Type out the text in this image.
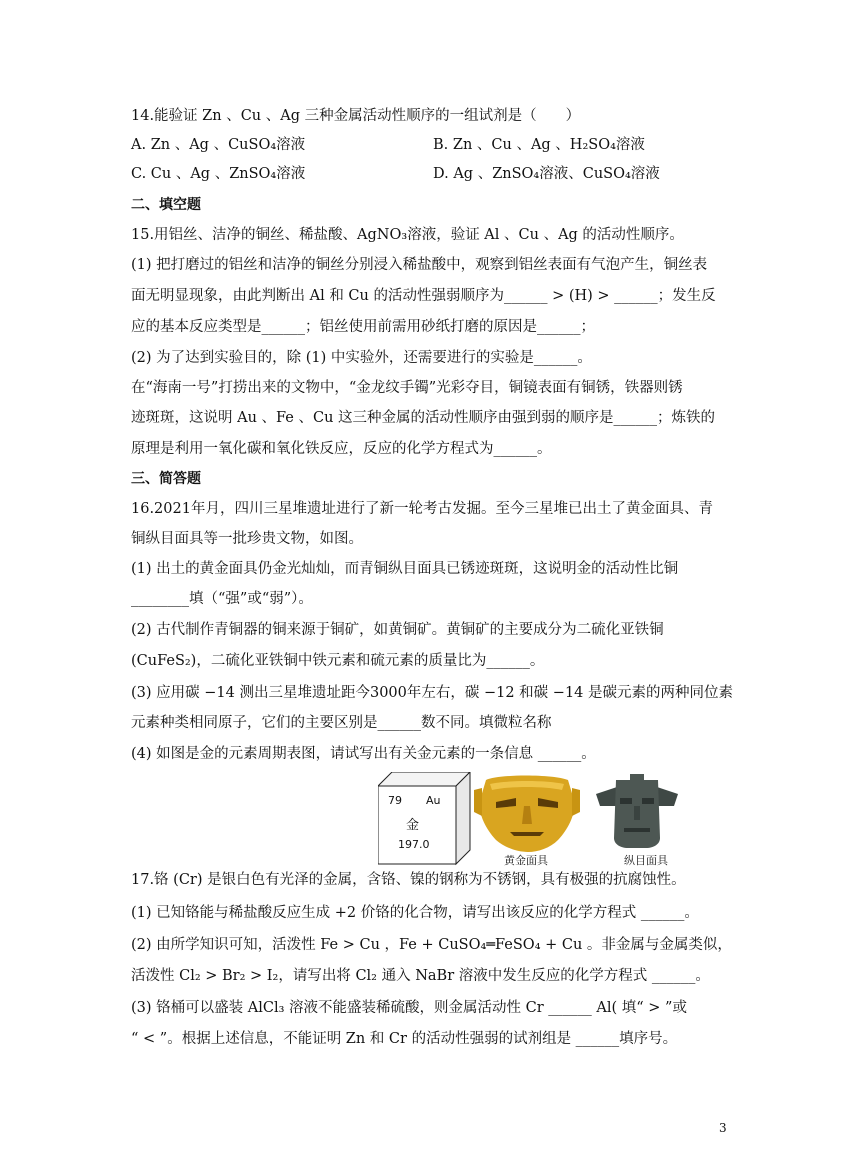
14.能验证 Zn 、Cu 、Ag 三种金属活动性顺序的一组试剂是（　　）
A. Zn 、Ag 、CuSO₄溶液	B. Zn 、Cu 、Ag 、H₂SO₄溶液
C. Cu 、Ag 、ZnSO₄溶液	D. Ag 、ZnSO₄溶液、CuSO₄溶液
二、填空题
15.用铝丝、洁净的铜丝、稀盐酸、AgNO₃溶液，验证 Al 、Cu 、Ag 的活动性顺序。
(1) 把打磨过的铝丝和洁净的铜丝分别浸入稀盐酸中，观察到铝丝表面有气泡产生，铜丝表
面无明显现象，由此判断出 Al 和 Cu 的活动性强弱顺序为______ > (H) > ______；发生反
应的基本反应类型是______；铝丝使用前需用砂纸打磨的原因是______；
(2) 为了达到实验目的，除 (1) 中实验外，还需要进行的实验是______。
在“海南一号”打捞出来的文物中，“金龙纹手镯”光彩夺目，铜镜表面有铜锈，铁器则锈
迹斑斑，这说明 Au 、Fe 、Cu 这三种金属的活动性顺序由强到弱的顺序是______；炼铁的
原理是利用一氧化碳和氧化铁反应，反应的化学方程式为______。
三、简答题
16.2021年月，四川三星堆遗址进行了新一轮考古发掘。至今三星堆已出土了黄金面具、青
铜纵目面具等一批珍贵文物，如图。
(1) 出土的黄金面具仍金光灿灿，而青铜纵目面具已锈迹斑斑，这说明金的活动性比铜
________填（“强”或“弱”）。
(2) 古代制作青铜器的铜来源于铜矿，如黄铜矿。黄铜矿的主要成分为二硫化亚铁铜
(CuFeS₂)，二硫化亚铁铜中铁元素和硫元素的质量比为______。
(3) 应用碳 −14 测出三星堆遗址距今3000年左右，碳 −12 和碳 −14 是碳元素的两种同位素
元素种类相同原子，它们的主要区别是______数不同。填微粒名称
(4) 如图是金的元素周期表图，请试写出有关金元素的一条信息 ______。
79 Au
金
197.0
黄金面具	纵目面具
17.铬 (Cr) 是银白色有光泽的金属，含铬、镍的钢称为不锈钢，具有极强的抗腐蚀性。
(1) 已知铬能与稀盐酸反应生成 +2 价铬的化合物，请写出该反应的化学方程式 ______。
(2) 由所学知识可知，活泼性 Fe > Cu ，Fe + CuSO₄═FeSO₄ + Cu 。非金属与金属类似，
活泼性 Cl₂ > Br₂ > I₂，请写出将 Cl₂ 通入 NaBr 溶液中发生反应的化学方程式 ______。
(3) 铬桶可以盛装 AlCl₃ 溶液不能盛装稀硫酸，则金属活动性 Cr ______ Al( 填“ > ”或
“ < ”。根据上述信息，不能证明 Zn 和 Cr 的活动性强弱的试剂组是 ______填序号。
3
